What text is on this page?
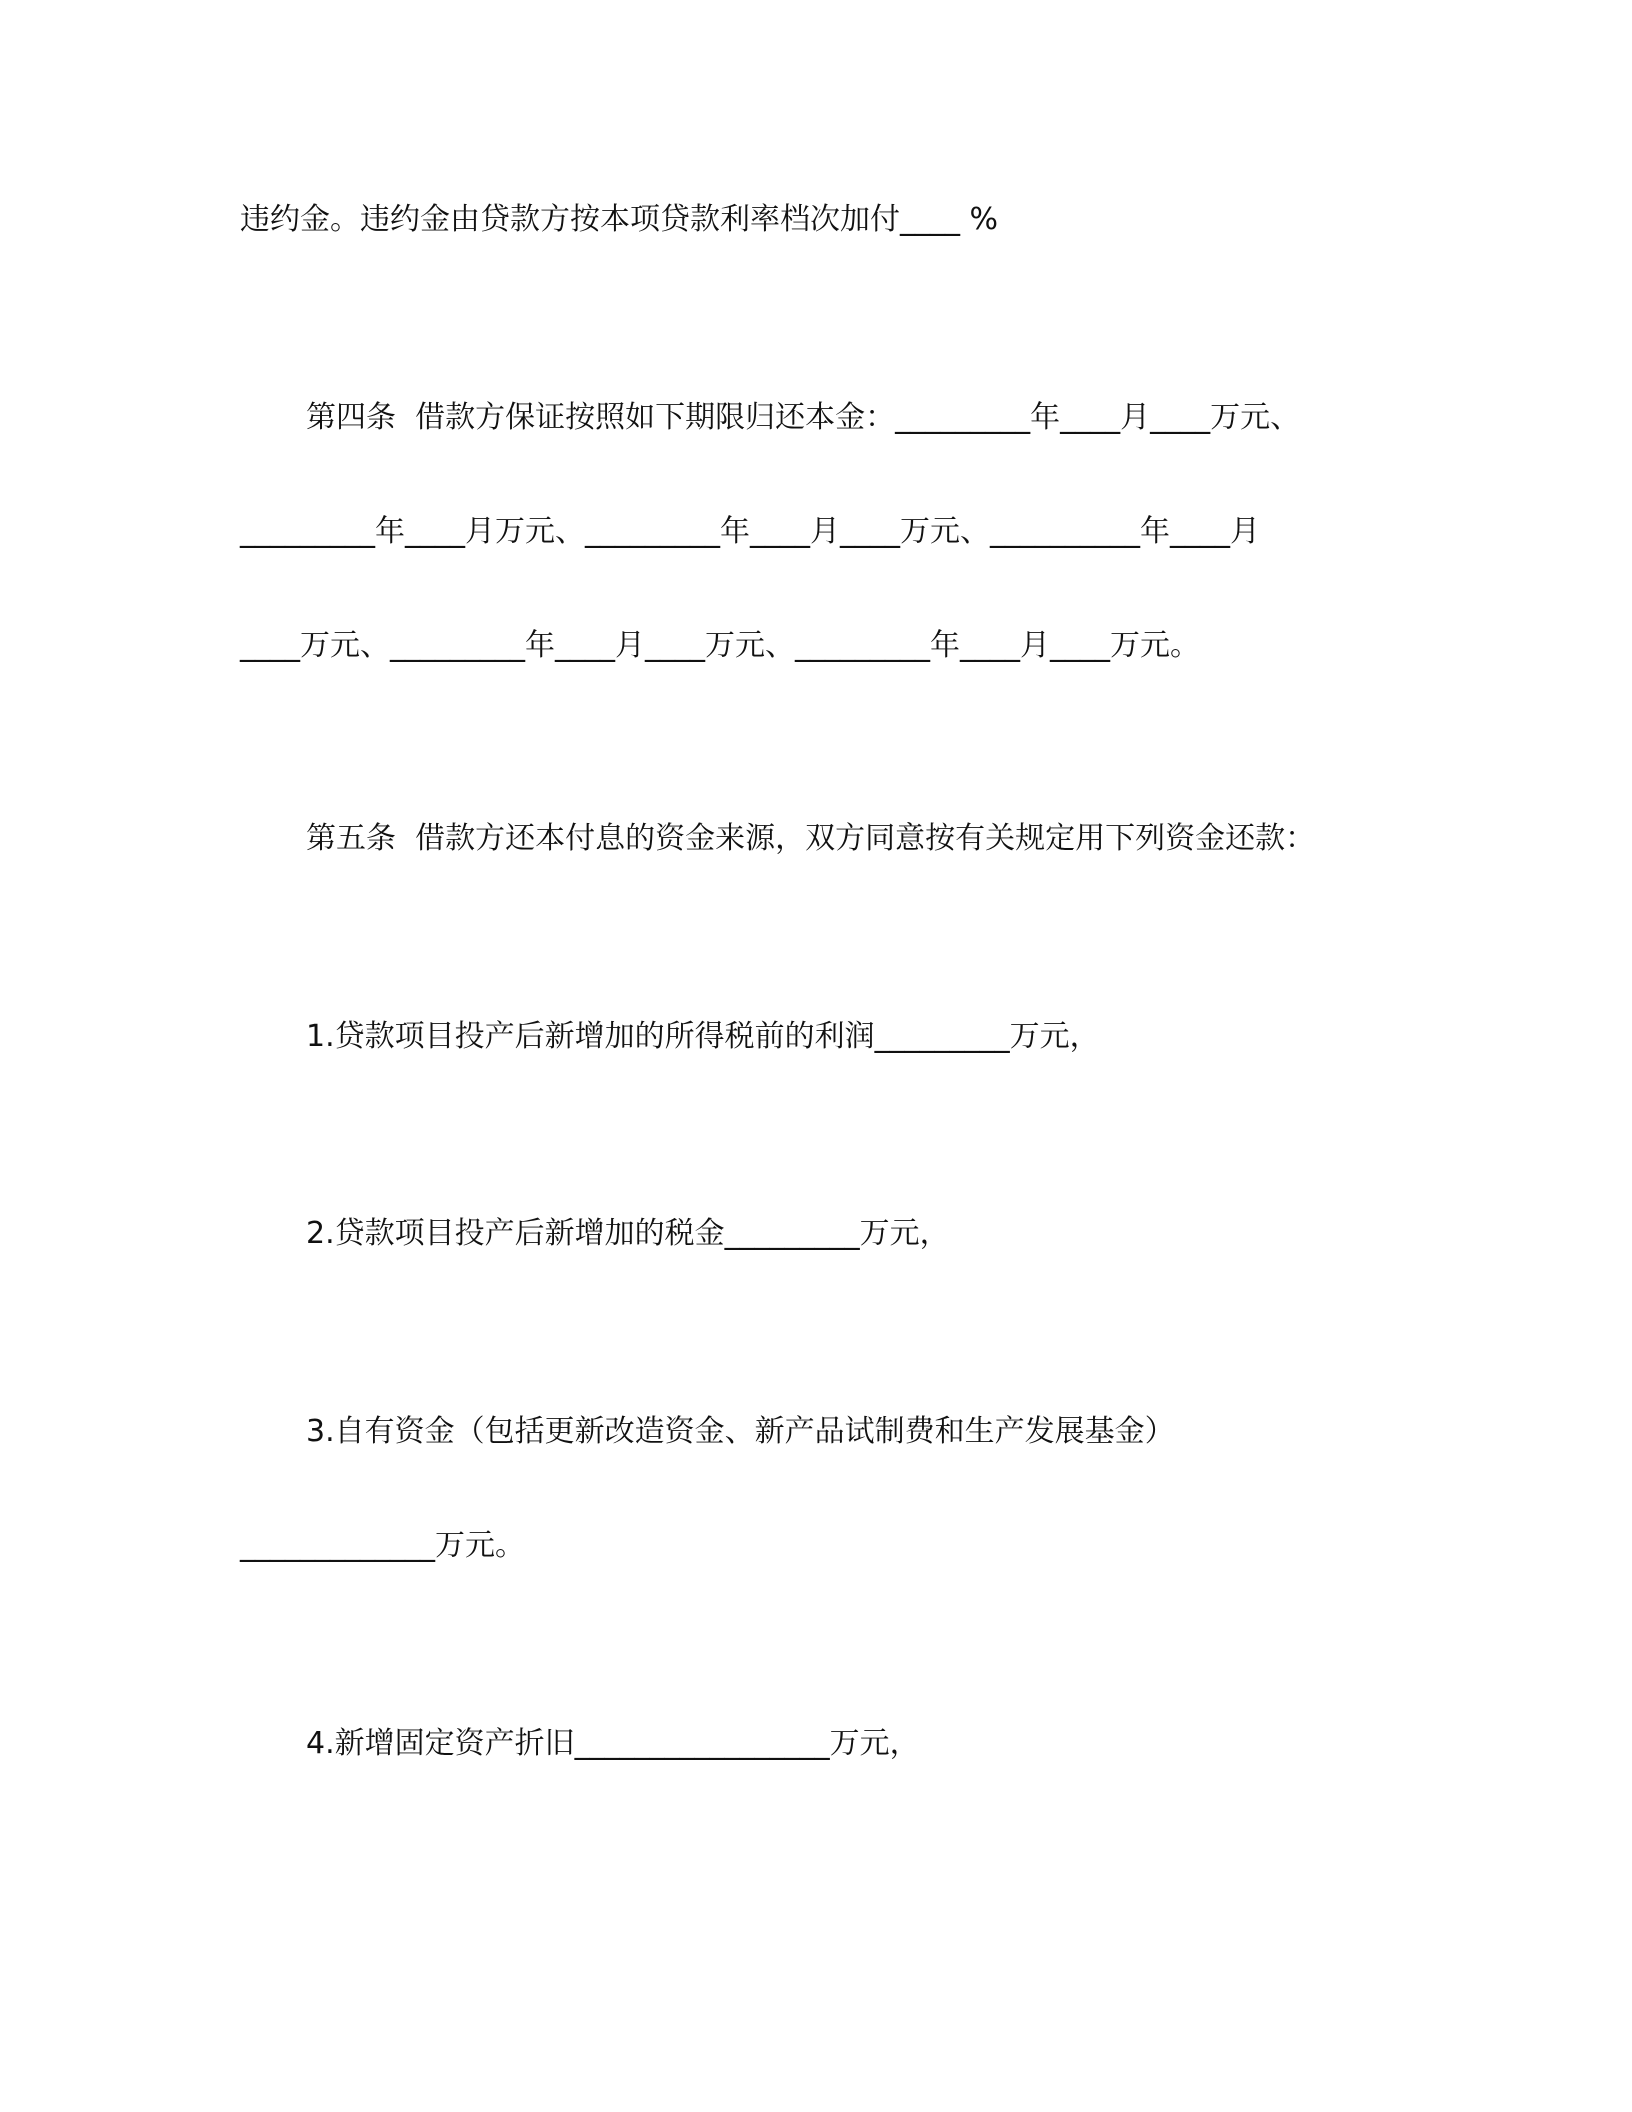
违约金。违约金由贷款方按本项贷款利率档次加付____ %
第四条  借款方保证按照如下期限归还本金：_________年____月____万元、
_________年____月万元、_________年____月____万元、__________年____月
____万元、_________年____月____万元、_________年____月____万元。
第五条  借款方还本付息的资金来源，双方同意按有关规定用下列资金还款：
1.贷款项目投产后新增加的所得税前的利润_________万元，
2.贷款项目投产后新增加的税金_________万元，
3.自有资金（包括更新改造资金、新产品试制费和生产发展基金）
_____________万元。
4.新增固定资产折旧_________________万元，
